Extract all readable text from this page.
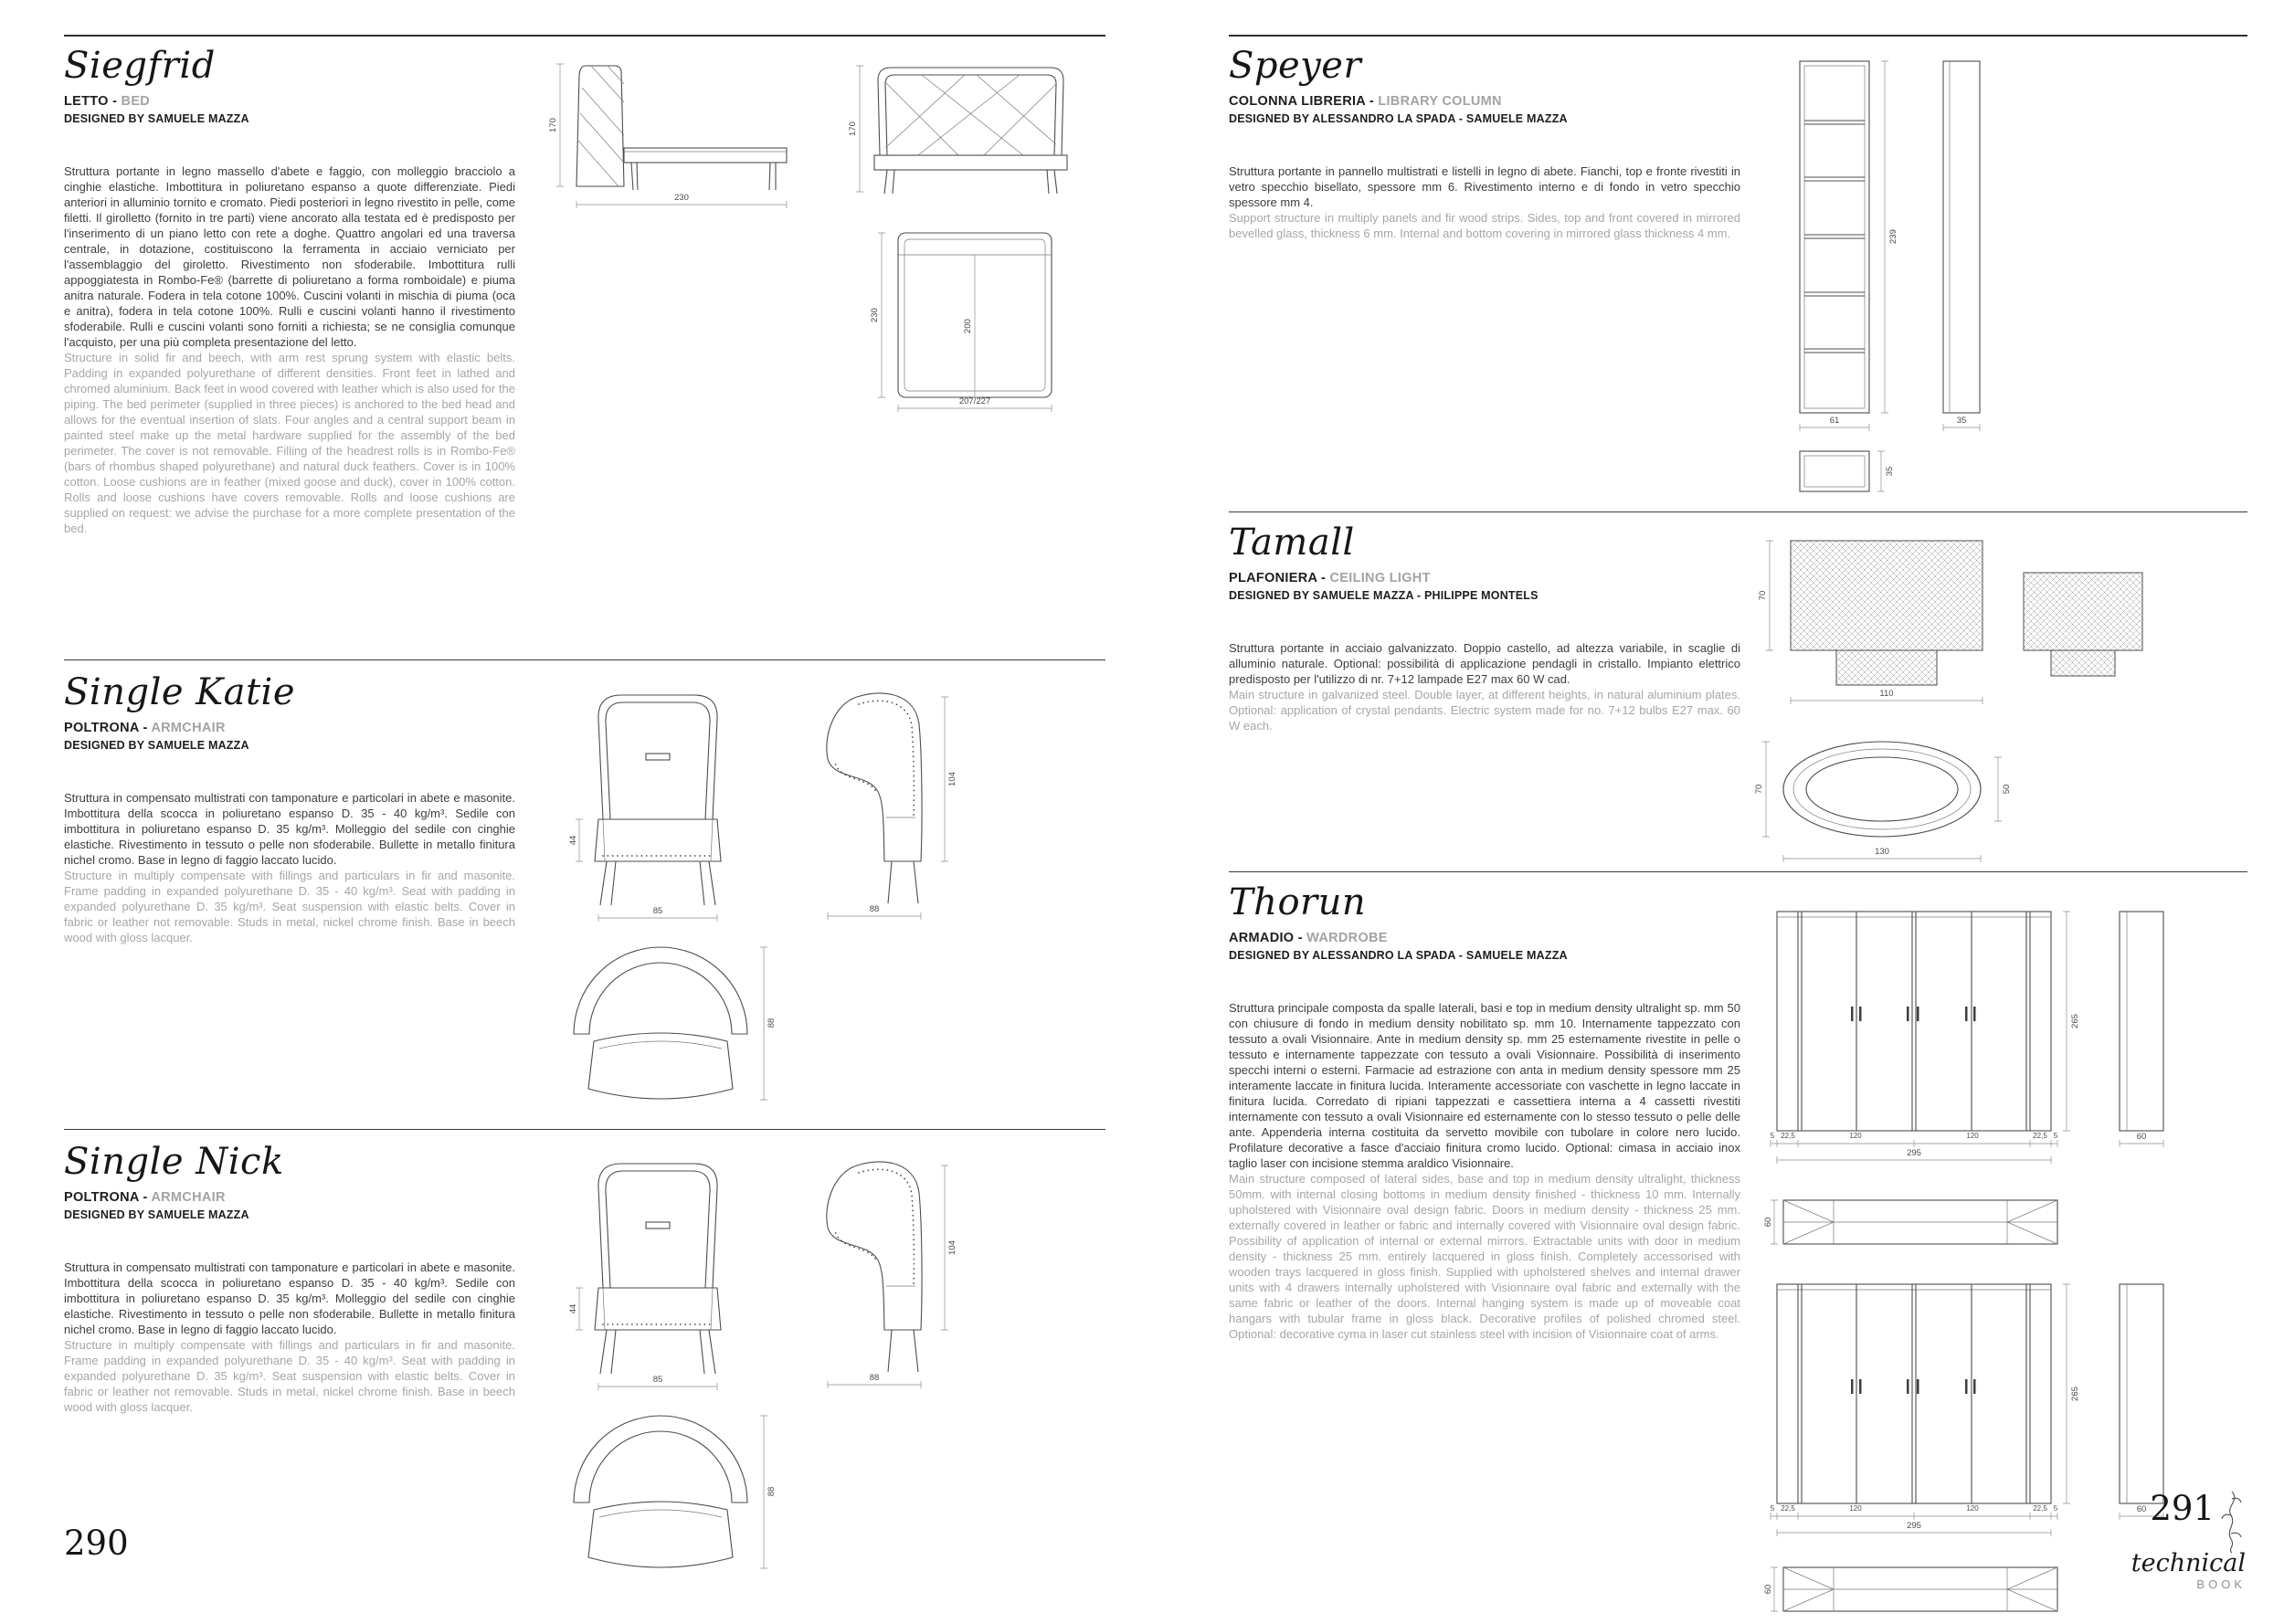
Siegfrid
LETTO - BED
DESIGNED BY SAMUELE MAZZA

Struttura portante in legno massello d'abete e faggio, con molleggio bracciolo a cinghie elastiche. Imbottitura in poliuretano espanso a quote differenziate. Piedi anteriori in alluminio tornito e cromato. Piedi posteriori in legno rivestito in pelle, come filetti. Il girolletto (fornito in tre parti) viene ancorato alla testata ed è predisposto per l'inserimento di un piano letto con rete a doghe. Quattro angolari ed una traversa centrale, in dotazione, costituiscono la ferramenta in acciaio verniciato per l'assemblaggio del giroletto. Rivestimento non sfoderabile. Imbottitura rulli appoggiatesta in Rombo-Fe® (barrette di poliuretano a forma romboidale) e piuma anitra naturale. Fodera in tela cotone 100%. Cuscini volanti in mischia di piuma (oca e anitra), fodera in tela cotone 100%. Rulli e cuscini volanti hanno il rivestimento sfoderabile. Rulli e cuscini volanti sono forniti a richiesta; se ne consiglia comunque l'acquisto, per una più completa presentazione del letto.

Structure in solid fir and beech, with arm rest sprung system with elastic belts. Padding in expanded polyurethane of different densities. Front feet in lathed and chromed aluminium. Back feet in wood covered with leather which is also used for the piping. The bed perimeter (supplied in three pieces) is anchored to the bed head and allows for the eventual insertion of slats. Four angles and a central support beam in painted steel make up the metal hardware supplied for the assembly of the bed perimeter. The cover is not removable. Filling of the headrest rolls is in Rombo-Fe® (bars of rhombus shaped polyurethane) and natural duck feathers. Cover is in 100% cotton. Loose cushions are in feather (mixed goose and duck), cover in 100% cotton. Rolls and loose cushions have covers removable. Rolls and loose cushions are supplied on request: we advise the purchase for a more complete presentation of the bed.

170
230
170
230
200
207/227
Single Katie
POLTRONA - ARMCHAIR
DESIGNED BY SAMUELE MAZZA

Struttura in compensato multistrati con tamponature e particolari in abete e masonite. Imbottitura della scocca in poliuretano espanso D. 35 - 40 kg/m³. Sedile con imbottitura in poliuretano espanso D. 35 kg/m³. Molleggio del sedile con cinghie elastiche. Rivestimento in tessuto o pelle non sfoderabile. Bullette in metallo finitura nichel cromo. Base in legno di faggio laccato lucido.

Structure in multiply compensate with fillings and particulars in fir and masonite. Frame padding in expanded polyurethane D. 35 - 40 kg/m³. Seat with padding in expanded polyurethane D. 35 kg/m³. Seat suspension with elastic belts. Cover in fabric or leather not removable. Studs in metal, nickel chrome finish. Base in beech wood with gloss lacquer.

44
85
104
88
88
Single Nick
POLTRONA - ARMCHAIR
DESIGNED BY SAMUELE MAZZA

Struttura in compensato multistrati con tamponature e particolari in abete e masonite. Imbottitura della scocca in poliuretano espanso D. 35 - 40 kg/m³. Sedile con imbottitura in poliuretano espanso D. 35 kg/m³. Molleggio del sedile con cinghie elastiche. Rivestimento in tessuto o pelle non sfoderabile. Bullette in metallo finitura nichel cromo. Base in legno di faggio laccato lucido.

Structure in multiply compensate with fillings and particulars in fir and masonite. Frame padding in expanded polyurethane D. 35 - 40 kg/m³. Seat with padding in expanded polyurethane D. 35 kg/m³. Seat suspension with elastic belts. Cover in fabric or leather not removable. Studs in metal, nickel chrome finish. Base in beech wood with gloss lacquer.

44
85
104
88
88
290
Speyer
COLONNA LIBRERIA - LIBRARY COLUMN
DESIGNED BY ALESSANDRO LA SPADA - SAMUELE MAZZA

Struttura portante in pannello multistrati e listelli in legno di abete. Fianchi, top e fronte rivestiti in vetro specchio bisellato, spessore mm 6. Rivestimento interno e di fondo in vetro specchio spessore mm 4.

Support structure in multiply panels and fir wood strips. Sides, top and front covered in mirrored bevelled glass, thickness 6 mm. Internal and bottom covering in mirrored glass thickness 4 mm.	239
61	35
35
Tamall
PLAFONIERA - CEILING LIGHT
DESIGNED BY SAMUELE MAZZA - PHILIPPE MONTELS

Struttura portante in acciaio galvanizzato. Doppio castello, ad altezza variabile, in scaglie di alluminio naturale. Optional: possibilità di applicazione pendagli in cristallo. Impianto elettrico predisposto per l'utilizzo di nr. 7+12 lampade E27 max 60 W cad.

Main structure in galvanized steel. Double layer, at different heights, in natural aluminium plates. Optional: application of crystal pendants. Electric system made for no. 7+12 bulbs E27 max. 60 W each.

70
110
70	50
130
Thorun
ARMADIO - WARDROBE
DESIGNED BY ALESSANDRO LA SPADA - SAMUELE MAZZA

Struttura principale composta da spalle laterali, basi e top in medium density ultralight sp. mm 50 con chiusure di fondo in medium density nobilitato sp. mm 10. Internamente tappezzato con tessuto a ovali Visionnaire. Ante in medium density sp. mm 25 esternamente rivestite in pelle o tessuto e internamente tappezzate con tessuto a ovali Visionnaire. Possibilità di inserimento specchi interni o esterni. Farmacie ad estrazione con anta in medium density spessore mm 25 interamente laccate in finitura lucida. Interamente accessoriate con vaschette in legno laccate in finitura lucida. Corredato di ripiani tappezzati e cassettiera interna a 4 cassetti rivestiti internamente con tessuto a ovali Visionnaire ed esternamente con lo stesso tessuto o pelle delle ante. Appenderia interna costituita da servetto movibile con tubolare in colore nero lucido. Profilature decorative a fasce d'acciaio finitura cromo lucido. Optional: cimasa in acciaio inox taglio laser con incisione stemma araldico Visionnaire.

Main structure composed of lateral sides, base and top in medium density ultralight, thickness 50mm. with internal closing bottoms in medium density finished - thickness 10 mm. Internally upholstered with Visionnaire oval design fabric. Doors in medium density - thickness 25 mm. externally covered in leather or fabric and internally covered with Visionnaire oval design fabric. Possibility of application of internal or external mirrors. Extractable units with door in medium density - thickness 25 mm. entirely lacquered in gloss finish. Completely accessorised with wooden trays lacquered in gloss finish. Supplied with upholstered shelves and internal drawer units with 4 drawers internally upholstered with Visionnaire oval fabric and externally with the same fabric or leather of the doors. Internal hanging system is made up of moveable coat hangars with tubular frame in gloss black. Decorative profiles of polished chromed steel. Optional: decorative cyma in laser cut stainless steel with incision of Visionnaire coat of arms.

265
5 22,5	120	120	22,5 5
295
60
60
265
5 22,5	120	120	22,5 5
295
60
60
291
technical
BOOK
